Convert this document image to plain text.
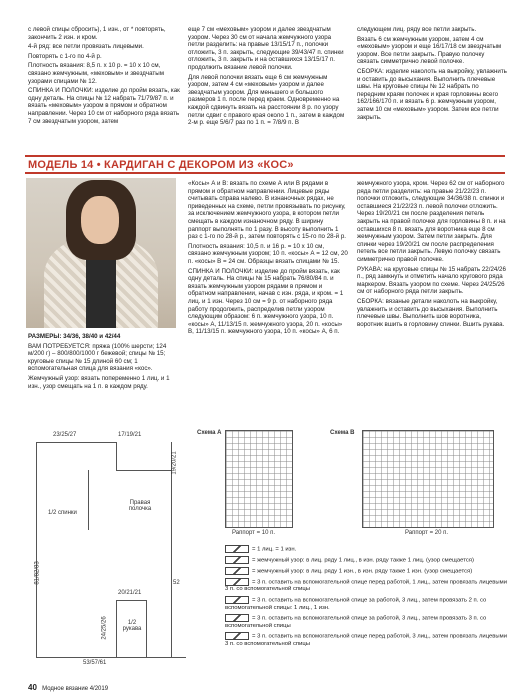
с левой спицы сбросить), 1 изн., от * повторять, закончить 2 изн. и кром.

4-й ряд: все петли провязать лицевыми.

Повторять с 1-го по 4-й р.

Плотность вязания: 8,5 п. х 10 р. = 10 х 10 см, связано жемчужным, «меховым» и звездчатым узорами спицами № 12.

СПИНКА И ПОЛОЧКИ: изделие до пройм вязать, как одну деталь. На спицы № 12 набрать 71/79/87 п. и вязать «меховым» узором в прямом и обратном направлении. Через 10 см от наборного ряда вязать 7 см звездчатым узором, затем

еще 7 см «меховым» узором и далее звездчатым узором. Через 30 см от начала жемчужного узора петли разделить: на правые 13/15/17 п., полочки отложить, 3 п. закрыть, следующие 39/43/47 п. спинки отложить, 3 п. закрыть и на оставшихся 13/15/17 п. продолжить вязание левой полочки.

Для левой полочки вязать еще 6 см жемчужным узором, затем 4 см «меховым» узором и далее звездчатым узором. Для меньшего и большого размеров 1 п. после перед краем. Одновременно на каждой сдвинуть вязать на расстоянии 8 р. по узору петли сдвиг с правого края около 1 п., затем в каждом 2-м р. еще 5/6/7 раз по 1 п. = 7/8/9 п. В

следующем лиц. ряду все петли закрыть.

Вязать 6 см жемчужным узором, затем 4 см «меховым» узором и еще 16/17/18 см звездчатым узором. Все петли закрыть. Правую полочку связать симметрично левой полочке.

СБОРКА: изделие наколоть на выкройку, увлажнить и оставить до высыхания. Выполнить плечевые швы. На круговые спицы № 12 набрать по передним краям полочек и края горловины всего 162/166/170 п. и вязать 6 р. жемчужным узором, затем 10 см «меховым» узором. Затем все петли закрыть.

МОДЕЛЬ 14 • КАРДИГАН С ДЕКОРОМ ИЗ «КОС»

РАЗМЕРЫ: 34/36, 38/40 и 42/44

ВАМ ПОТРЕБУЕТСЯ: пряжа (100% шерсти; 124 м/200 г) – 800/800/1000 г бежевой; спицы № 15; круговые спицы № 15 длиной 60 см; 1 вспомогательная спица для вязания «кос».

Жемчужный узор: вязать попеременно 1 лиц. и 1 изн., узор смещать на 1 п. в каждом ряду.

«Косы» А и В: вязать по схеме А или В рядами в прямом и обратном направлении. Лицевые ряды считывать справа налево. В изнаночных рядах, не приведенных на схеме, петли провязывать по рисунку, за исключением жемчужного узора, в котором петли смещать в каждом изнаночном ряду. В ширину раппорт выполнять по 1 разу. В высоту выполнить 1 раз с 1-го по 28-й р., затем повторять с 15-го по 28-й р.

Плотность вязания: 10,5 п. и 16 р. = 10 х 10 см, связано жемчужным узором; 10 п. «косы» А = 12 см, 20 п. «косы» В = 24 см. Образцы вязать спицами № 15.

СПИНКА И ПОЛОЧКИ: изделие до пройм вязать, как одну деталь. На спицы № 15 набрать 76/80/84 п. и вязать жемчужным узором рядами в прямом и обратном направлении, начав с изн. ряда, и кром. = 1 лиц. и 1 изн. Через 10 см = 9 р. от наборного ряда работу продолжить, распределив петли узором следующим образом: 6 п. жемчужного узора, 10 п. «косы» А, 11/13/15 п. жемчужного узора, 20 п. «косы» В, 11/13/15 п. жемчужного узора, 10 п. «косы» А, 6 п.

жемчужного узора, кром. Через 62 см от наборного ряда петли разделить: на правые 21/22/23 п. полочки отложить, следующие 34/36/38 п. спинки и оставшиеся 21/22/23 п. левой полочки отложить. Через 19/20/21 см после разделения петель закрыть на правой полочке для горловины 8 п. и на оставшихся 8 п. вязать для воротника еще 8 см жемчужным узором. Затем петли закрыть. Для спинки через 19/20/21 см после распределения петель все петли закрыть. Левую полочку связать симметрично правой полочке.

РУКАВА: на круговые спицы № 15 набрать 22/24/26 п., ряд замкнуть и отметить начало кругового ряда маркером. Вязать узором по схеме. Через 24/25/26 см от наборного ряда петли закрыть.

СБОРКА: вязаные детали наколоть на выкройку, увлажнить и оставить до высыхания. Выполнить плечевые швы. Выполнить шов воротника, воротник вшить в горловину спинки. Вшить рукава.

Схема А
Раппорт = 10 п.
Схема В
Раппорт = 20 п.

= 1 лиц. = 1 изн.

= жемчужный узор: в лиц. ряду 1 лиц., в изн. ряду также 1 лиц. (узор смещается)

= жемчужный узор: в лиц. ряду 1 изн., в изн. ряду также 1 изн. (узор смещается)

= 3 п. оставить на вспомогательной спице перед работой, 1 лиц., затем провязать лицевыми 3 п. со вспомогательной спицы

= 3 п. оставить на вспомогательной спице за работой, 3 лиц., затем провязать 2 п. со вспомогательной спицы: 1 лиц., 1 изн.

= 3 п. оставить на вспомогательной спице за работой, 3 лиц., затем провязать 3 п. со вспомогательной спицы

= 3 п. оставить на вспомогательной спице перед работой, 3 лиц., затем провязать лицевыми 3 п. со вспомогательной спицы

1/2 спинки
Правая полочка
23/25/27	17/19/21
53/57/61
81/82/83
19/20/21
52
1/2 рукава
20/21/21
24/25/26
40 Модное вязание 4/2019
